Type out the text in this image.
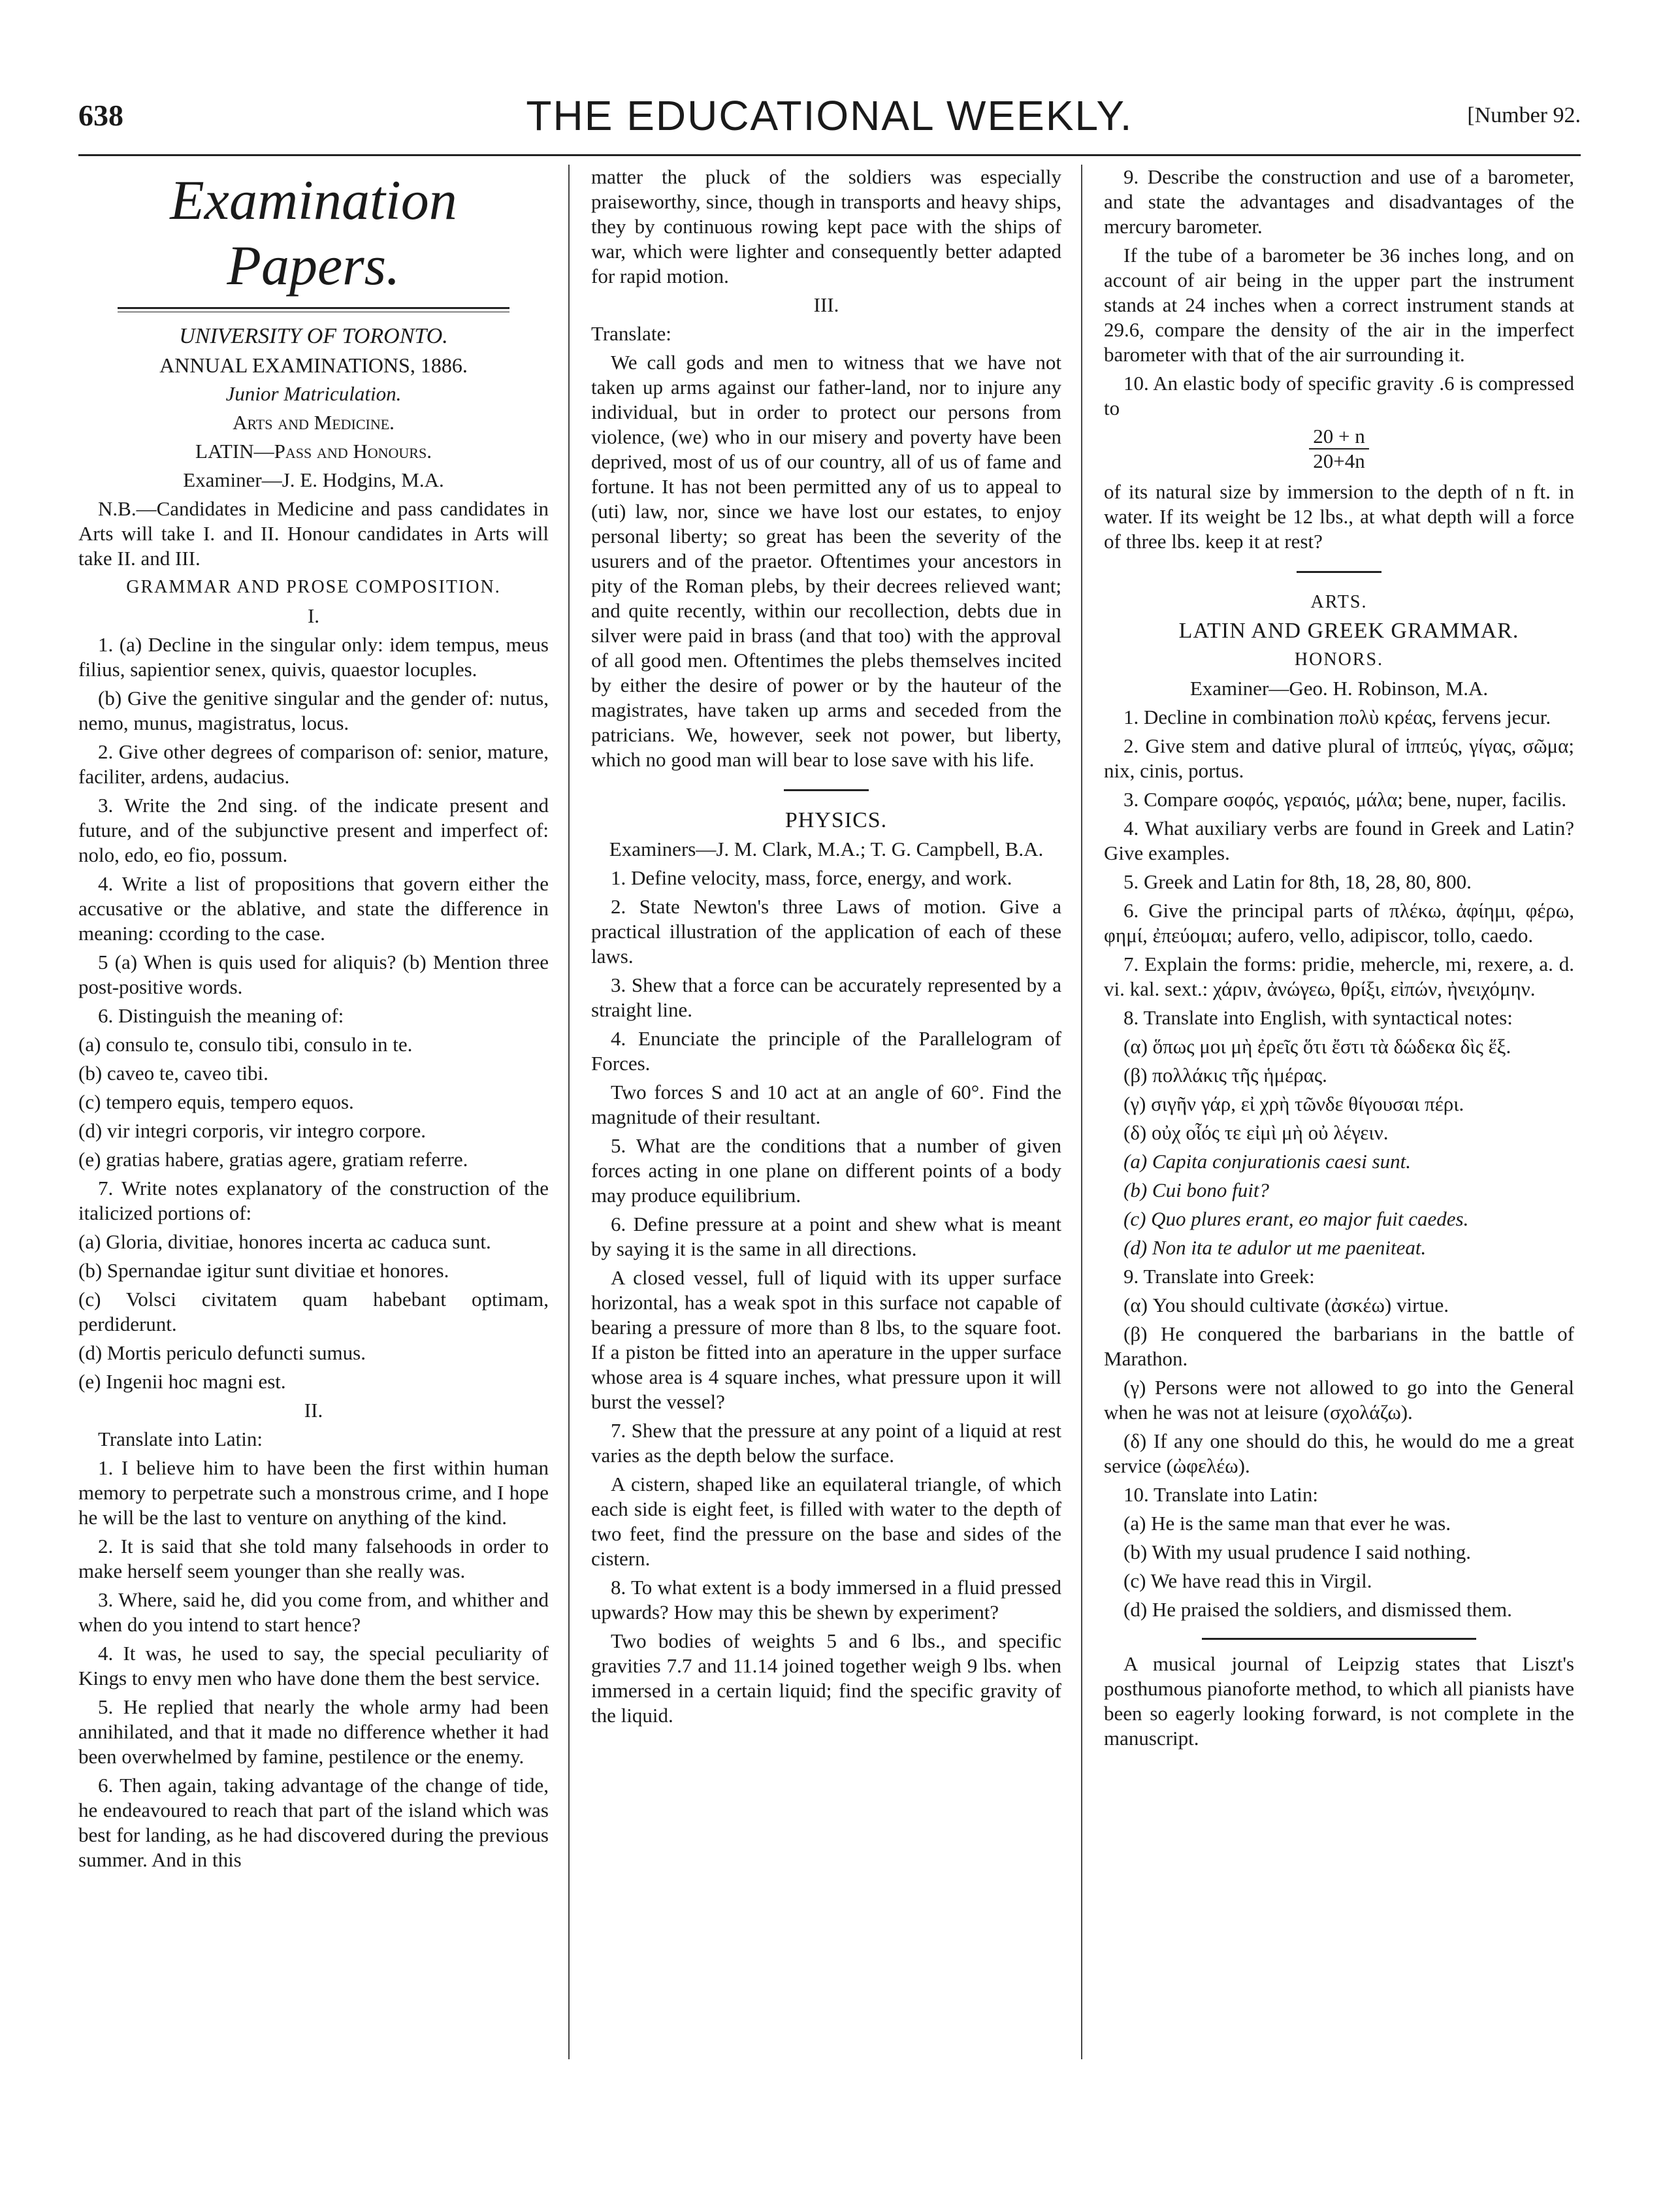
638	THE EDUCATIONAL WEEKLY.	[Number 92.
Examination Papers.

UNIVERSITY OF TORONTO.

ANNUAL EXAMINATIONS, 1886.

Junior Matriculation.

Arts and Medicine.

LATIN—Pass and Honours.

Examiner—J. E. Hodgins, M.A.

N.B.—Candidates in Medicine and pass candidates in Arts will take I. and II. Honour candidates in Arts will take II. and III.

GRAMMAR AND PROSE COMPOSITION.

I.

1. (a) Decline in the singular only: idem tempus, meus filius, sapientior senex, quivis, quaestor locuples.

(b) Give the genitive singular and the gender of: nutus, nemo, munus, magistratus, locus.

2. Give other degrees of comparison of: senior, mature, faciliter, ardens, audacius.

3. Write the 2nd sing. of the indicate present and future, and of the subjunctive present and imperfect of: nolo, edo, eo fio, possum.

4. Write a list of propositions that govern either the accusative or the ablative, and state the difference in meaning: ccording to the case.

5 (a) When is quis used for aliquis? (b) Mention three post-positive words.

6. Distinguish the meaning of:

(a) consulo te, consulo tibi, consulo in te.

(b) caveo te, caveo tibi.

(c) tempero equis, tempero equos.

(d) vir integri corporis, vir integro corpore.

(e) gratias habere, gratias agere, gratiam referre.

7. Write notes explanatory of the construction of the italicized portions of:

(a) Gloria, divitiae, honores incerta ac caduca sunt.

(b) Spernandae igitur sunt divitiae et honores.

(c) Volsci civitatem quam habebant optimam, perdiderunt.

(d) Mortis periculo defuncti sumus.

(e) Ingenii hoc magni est.

II.

Translate into Latin:

1. I believe him to have been the first within human memory to perpetrate such a monstrous crime, and I hope he will be the last to venture on anything of the kind.

2. It is said that she told many falsehoods in order to make herself seem younger than she really was.

3. Where, said he, did you come from, and whither and when do you intend to start hence?

4. It was, he used to say, the special peculiarity of Kings to envy men who have done them the best service.

5. He replied that nearly the whole army had been annihilated, and that it made no difference whether it had been overwhelmed by famine, pestilence or the enemy.

6. Then again, taking advantage of the change of tide, he endeavoured to reach that part of the island which was best for landing, as he had discovered during the previous summer. And in this

matter the pluck of the soldiers was especially praiseworthy, since, though in transports and heavy ships, they by continuous rowing kept pace with the ships of war, which were lighter and consequently better adapted for rapid motion.

III.

Translate:

We call gods and men to witness that we have not taken up arms against our father-land, nor to injure any individual, but in order to protect our persons from violence, (we) who in our misery and poverty have been deprived, most of us of our country, all of us of fame and fortune. It has not been permitted any of us to appeal to (uti) law, nor, since we have lost our estates, to enjoy personal liberty; so great has been the severity of the usurers and of the praetor. Oftentimes your ancestors in pity of the Roman plebs, by their decrees relieved want; and quite recently, within our recollection, debts due in silver were paid in brass (and that too) with the approval of all good men. Oftentimes the plebs themselves incited by either the desire of power or by the hauteur of the magistrates, have taken up arms and seceded from the patricians. We, however, seek not power, but liberty, which no good man will bear to lose save with his life.

PHYSICS.

Examiners—J. M. Clark, M.A.; T. G. Campbell, B.A.

1. Define velocity, mass, force, energy, and work.

2. State Newton's three Laws of motion. Give a practical illustration of the application of each of these laws.

3. Shew that a force can be accurately represented by a straight line.

4. Enunciate the principle of the Parallelogram of Forces.

Two forces S and 10 act at an angle of 60°. Find the magnitude of their resultant.

5. What are the conditions that a number of given forces acting in one plane on different points of a body may produce equilibrium.

6. Define pressure at a point and shew what is meant by saying it is the same in all directions.

A closed vessel, full of liquid with its upper surface horizontal, has a weak spot in this surface not capable of bearing a pressure of more than 8 lbs, to the square foot. If a piston be fitted into an aperature in the upper surface whose area is 4 square inches, what pressure upon it will burst the vessel?

7. Shew that the pressure at any point of a liquid at rest varies as the depth below the surface.

A cistern, shaped like an equilateral triangle, of which each side is eight feet, is filled with water to the depth of two feet, find the pressure on the base and sides of the cistern.

8. To what extent is a body immersed in a fluid pressed upwards? How may this be shewn by experiment?

Two bodies of weights 5 and 6 lbs., and specific gravities 7.7 and 11.14 joined together weigh 9 lbs. when immersed in a certain liquid; find the specific gravity of the liquid.

9. Describe the construction and use of a barometer, and state the advantages and disadvantages of the mercury barometer.

If the tube of a barometer be 36 inches long, and on account of air being in the upper part the instrument stands at 24 inches when a correct instrument stands at 29.6, compare the density of the air in the imperfect barometer with that of the air surrounding it.

10. An elastic body of specific gravity .6 is compressed to

20 + n
20+4n

of its natural size by immersion to the depth of n ft. in water. If its weight be 12 lbs., at what depth will a force of three lbs. keep it at rest?

ARTS.

LATIN AND GREEK GRAMMAR.

HONORS.

Examiner—Geo. H. Robinson, M.A.

1. Decline in combination πολὺ κρέας, fervens jecur.

2. Give stem and dative plural of ἱππεύς, γίγας, σῶμα; nix, cinis, portus.

3. Compare σοφός, γεραιός, μάλα; bene, nuper, facilis.

4. What auxiliary verbs are found in Greek and Latin? Give examples.

5. Greek and Latin for 8th, 18, 28, 80, 800.

6. Give the principal parts of πλέκω, ἀφίημι, φέρω, φημί, ἐπεύομαι; aufero, vello, adipiscor, tollo, caedo.

7. Explain the forms: pridie, mehercle, mi, rexere, a. d. vi. kal. sext.: χάριν, ἀνώγεω, θρίξι, εἰπών, ἠνειχόμην.

8. Translate into English, with syntactical notes:

(α) ὅπως μοι μὴ ἐρεῖς ὅτι ἔστι τὰ δώδεκα δὶς ἕξ.

(β) πολλάκις τῆς ἡμέρας.

(γ) σιγῆν γάρ, εἰ χρὴ τῶνδε θίγουσαι πέρι.

(δ) οὐχ οἷός τε εἰμὶ μὴ οὐ λέγειν.

(a) Capita conjurationis caesi sunt.

(b) Cui bono fuit?

(c) Quo plures erant, eo major fuit caedes.

(d) Non ita te adulor ut me paeniteat.

9. Translate into Greek:

(α) You should cultivate (ἀσκέω) virtue.

(β) He conquered the barbarians in the battle of Marathon.

(γ) Persons were not allowed to go into the General when he was not at leisure (σχολάζω).

(δ) If any one should do this, he would do me a great service (ὠφελέω).

10. Translate into Latin:

(a) He is the same man that ever he was.

(b) With my usual prudence I said nothing.

(c) We have read this in Virgil.

(d) He praised the soldiers, and dismissed them.

A musical journal of Leipzig states that Liszt's posthumous pianoforte method, to which all pianists have been so eagerly looking forward, is not complete in the manuscript.
